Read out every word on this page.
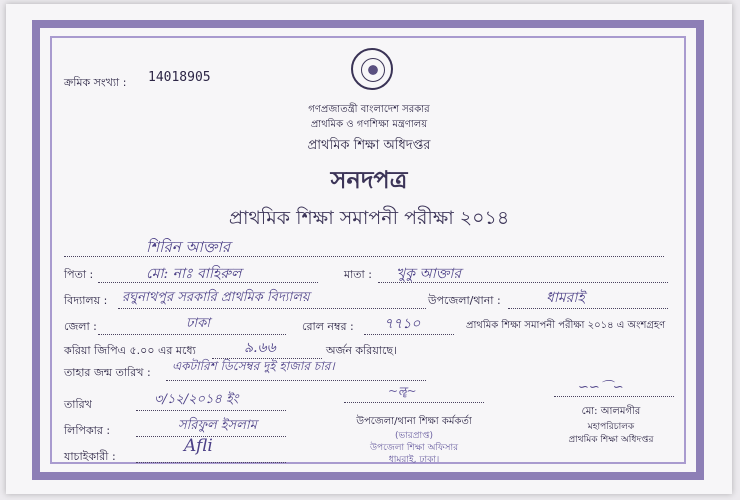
ক্রমিক সংখ্যা : 14018905
গণপ্রজাতন্ত্রী বাংলাদেশ সরকার
প্রাথমিক ও গণশিক্ষা মন্ত্রণালয়
প্রাথমিক শিক্ষা অধিদপ্তর
সনদপত্র
প্রাথমিক শিক্ষা সমাপনী পরীক্ষা ২০১৪
শিরিন আক্তার
পিতা :	মো: নাঃ বাহিরুল	মাতা : খুকু আক্তার
বিদ্যালয় : রঘুনাথপুর সরকারি প্রাথমিক বিদ্যালয়	উপজেলা/থানা :	ধামরাই
জেলা :	ঢাকা	রোল নম্বর : ৭৭১০	প্রাথমিক শিক্ষা সমাপনী পরীক্ষা ২০১৪ এ অংশগ্রহণ
করিয়া জিপিএ ৫.০০ এর মধ্যে	৯.৬৬	অর্জন করিয়াছে।
তাহার জন্ম তারিখ : একটারিশ ডিসেম্বর দুই হাজার চার।
তারিখ	৩/১২/২০১৪ ইং
লিপিকার :	সরিফুল ইসলাম
যাচাইকারী :
Afli
~ॡ~
উপজেলা/থানা শিক্ষা কর্মকর্তা
(ভারপ্রাপ্ত)
উপজেলা শিক্ষা অফিসার
ধামরাই, ঢাকা।
∽∽⌒∽
মো: আলমগীর
মহাপরিচালক
প্রাথমিক শিক্ষা অধিদপ্তর
